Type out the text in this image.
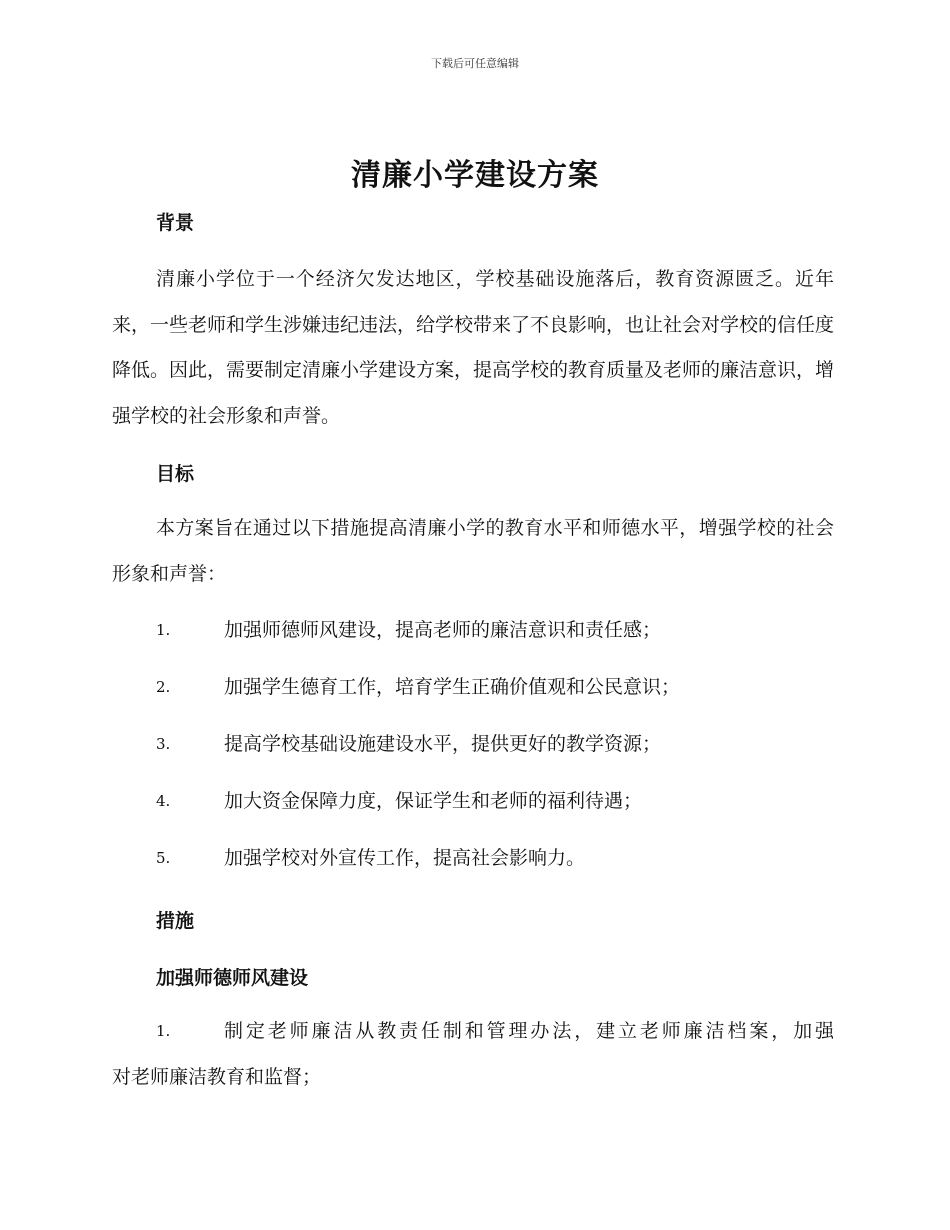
下载后可任意编辑
清廉小学建设方案
背景

清廉小学位于一个经济欠发达地区，学校基础设施落后，教育资源匮乏。近年来，一些老师和学生涉嫌违纪违法，给学校带来了不良影响，也让社会对学校的信任度降低。因此，需要制定清廉小学建设方案，提高学校的教育质量及老师的廉洁意识，增强学校的社会形象和声誉。

目标

本方案旨在通过以下措施提高清廉小学的教育水平和师德水平，增强学校的社会形象和声誉：

1.	加强师德师风建设，提高老师的廉洁意识和责任感；
2.	加强学生德育工作，培育学生正确价值观和公民意识；
3.	提高学校基础设施建设水平，提供更好的教学资源；
4.	加大资金保障力度，保证学生和老师的福利待遇；
5.	加强学校对外宣传工作，提高社会影响力。
措施
加强师德师风建设
1.	制定老师廉洁从教责任制和管理办法，建立老师廉洁档案，加强
对老师廉洁教育和监督；
